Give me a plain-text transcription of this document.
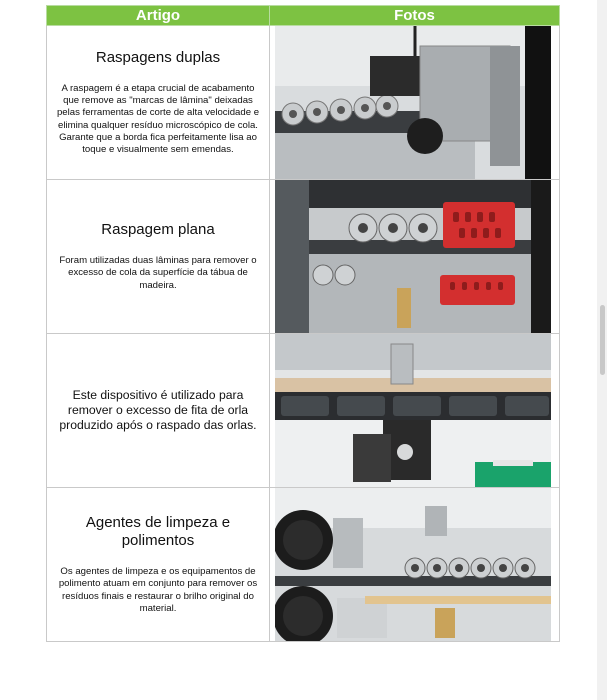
Artigo	Fotos

Raspagens duplas
A raspagem é a etapa crucial de acabamento que remove as "marcas de lâmina" deixadas pelas ferramentas de corte de alta velocidade e elimina qualquer resíduo microscópico de cola. Garante que a borda fica perfeitamente lisa ao toque e visualmente sem emendas.

Raspagem plana
Foram utilizadas duas lâminas para remover o excesso de cola da superfície da tábua de madeira.

Este dispositivo é utilizado para remover o excesso de fita de orla produzido após o raspado das orlas.

Agentes de limpeza e polimentos
Os agentes de limpeza e os equipamentos de polimento atuam em conjunto para remover os resíduos finais e restaurar o brilho original do material.
